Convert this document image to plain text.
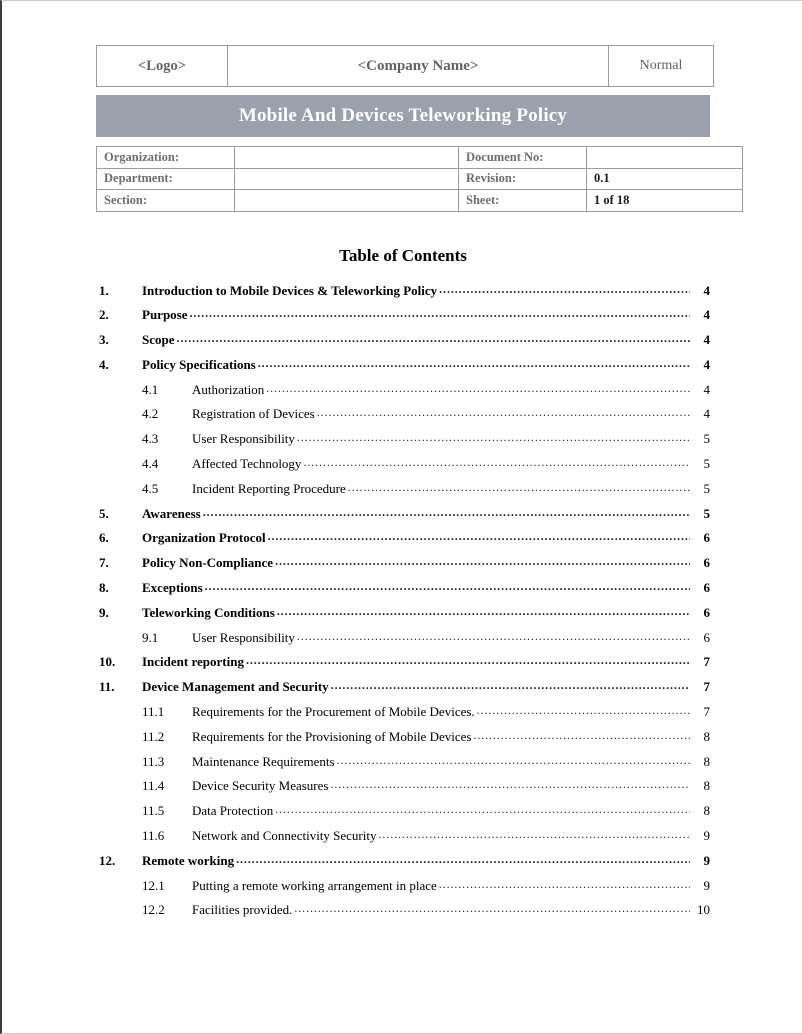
<Logo>	<Company Name>	Normal
Mobile And Devices Teleworking Policy
Organization:		Document No:	
Department:		Revision:	0.1
Section:		Sheet:	1 of 18
Table of Contents
1.	Introduction to Mobile Devices & Teleworking Policy .....	4
2.	Purpose .....	4
3.	Scope .....	4
4.	Policy Specifications .....	4
4.1	Authorization .....	4
4.2	Registration of Devices .....	4
4.3	User Responsibility .....	5
4.4	Affected Technology .....	5
4.5	Incident Reporting Procedure .....	5
5.	Awareness .....	5
6.	Organization Protocol .....	6
7.	Policy Non-Compliance .....	6
8.	Exceptions .....	6
9.	Teleworking Conditions .....	6
9.1	User Responsibility .....	6
10.	Incident reporting .....	7
11.	Device Management and Security .....	7
11.1	Requirements for the Procurement of Mobile Devices. .....	7
11.2	Requirements for the Provisioning of Mobile Devices .....	8
11.3	Maintenance Requirements .....	8
11.4	Device Security Measures .....	8
11.5	Data Protection .....	8
11.6	Network and Connectivity Security .....	9
12.	Remote working .....	9
12.1	Putting a remote working arrangement in place .....	9
12.2	Facilities provided. .....	10
